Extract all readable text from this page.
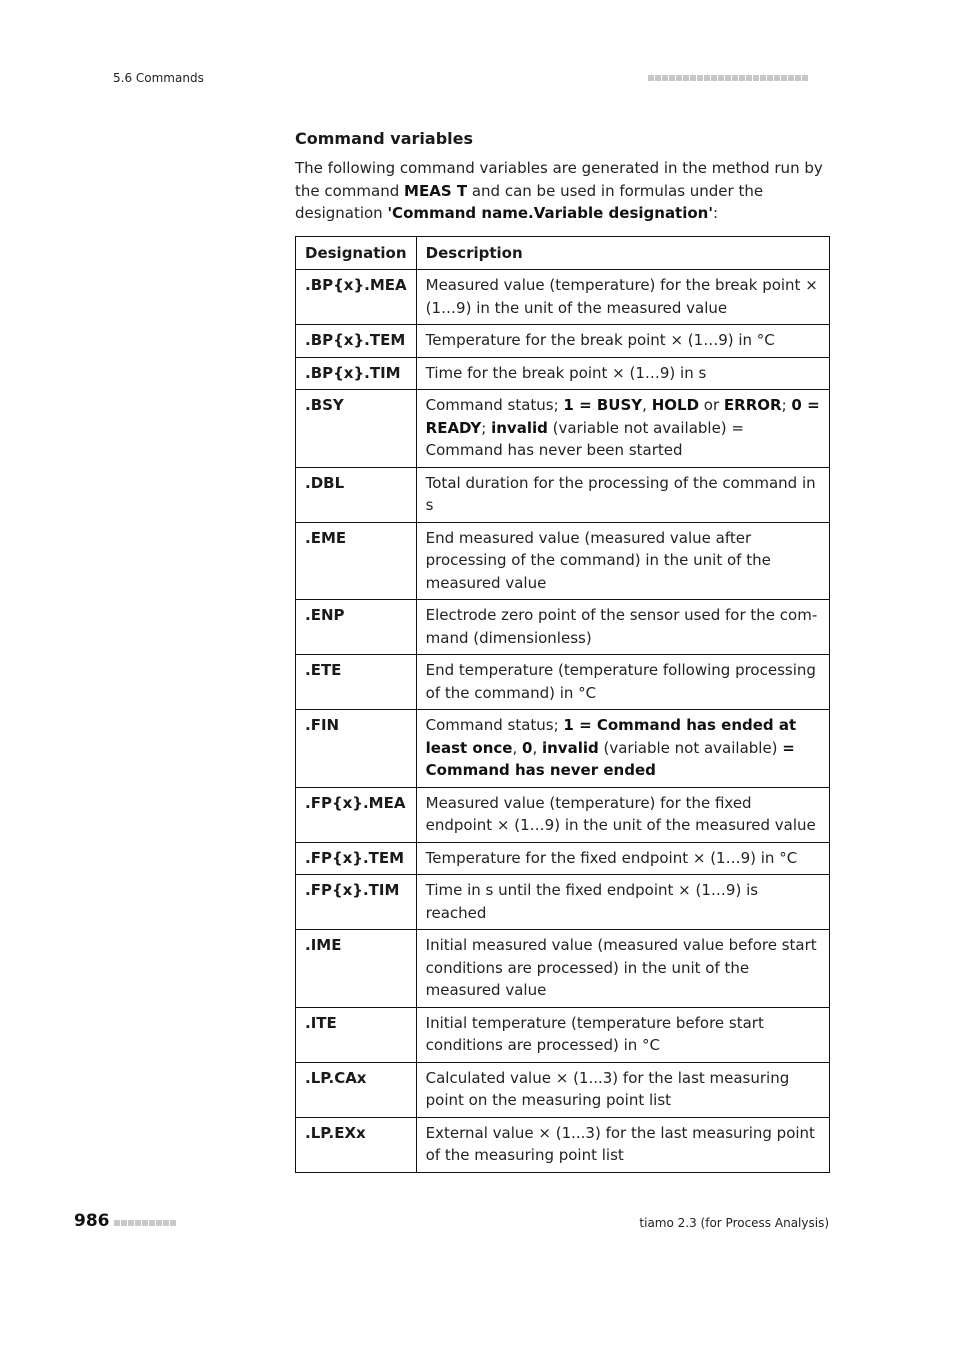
5.6 Commands
Command variables

The following command variables are generated in the method run by the command MEAS T and can be used in formulas under the designation 'Command name.Variable designation':

Designation	Description
.BP{x}.MEA	Measured value (temperature) for the break point × (1…9) in the unit of the measured value
.BP{x}.TEM	Temperature for the break point × (1…9) in °C
.BP{x}.TIM	Time for the break point × (1…9) in s
.BSY	Command status; 1 = BUSY, HOLD or ERROR; 0 = READY; invalid (variable not available) = Command has never been started
.DBL	Total duration for the processing of the command in s
.EME	End measured value (measured value after processing of the command) in the unit of the measured value
.ENP	Electrode zero point of the sensor used for the command (dimensionless)
.ETE	End temperature (temperature following processing of the command) in °C
.FIN	Command status; 1 = Command has ended at least once, 0, invalid (variable not available) = Command has never ended
.FP{x}.MEA	Measured value (temperature) for the fixed endpoint × (1…9) in the unit of the measured value
.FP{x}.TEM	Temperature for the fixed endpoint × (1…9) in °C
.FP{x}.TIM	Time in s until the fixed endpoint × (1…9) is reached
.IME	Initial measured value (measured value before start conditions are processed) in the unit of the measured value
.ITE	Initial temperature (temperature before start conditions are processed) in °C
.LP.CAx	Calculated value × (1...3) for the last measuring point on the measuring point list
.LP.EXx	External value × (1...3) for the last measuring point of the measuring point list
986	tiamo 2.3 (for Process Analysis)
